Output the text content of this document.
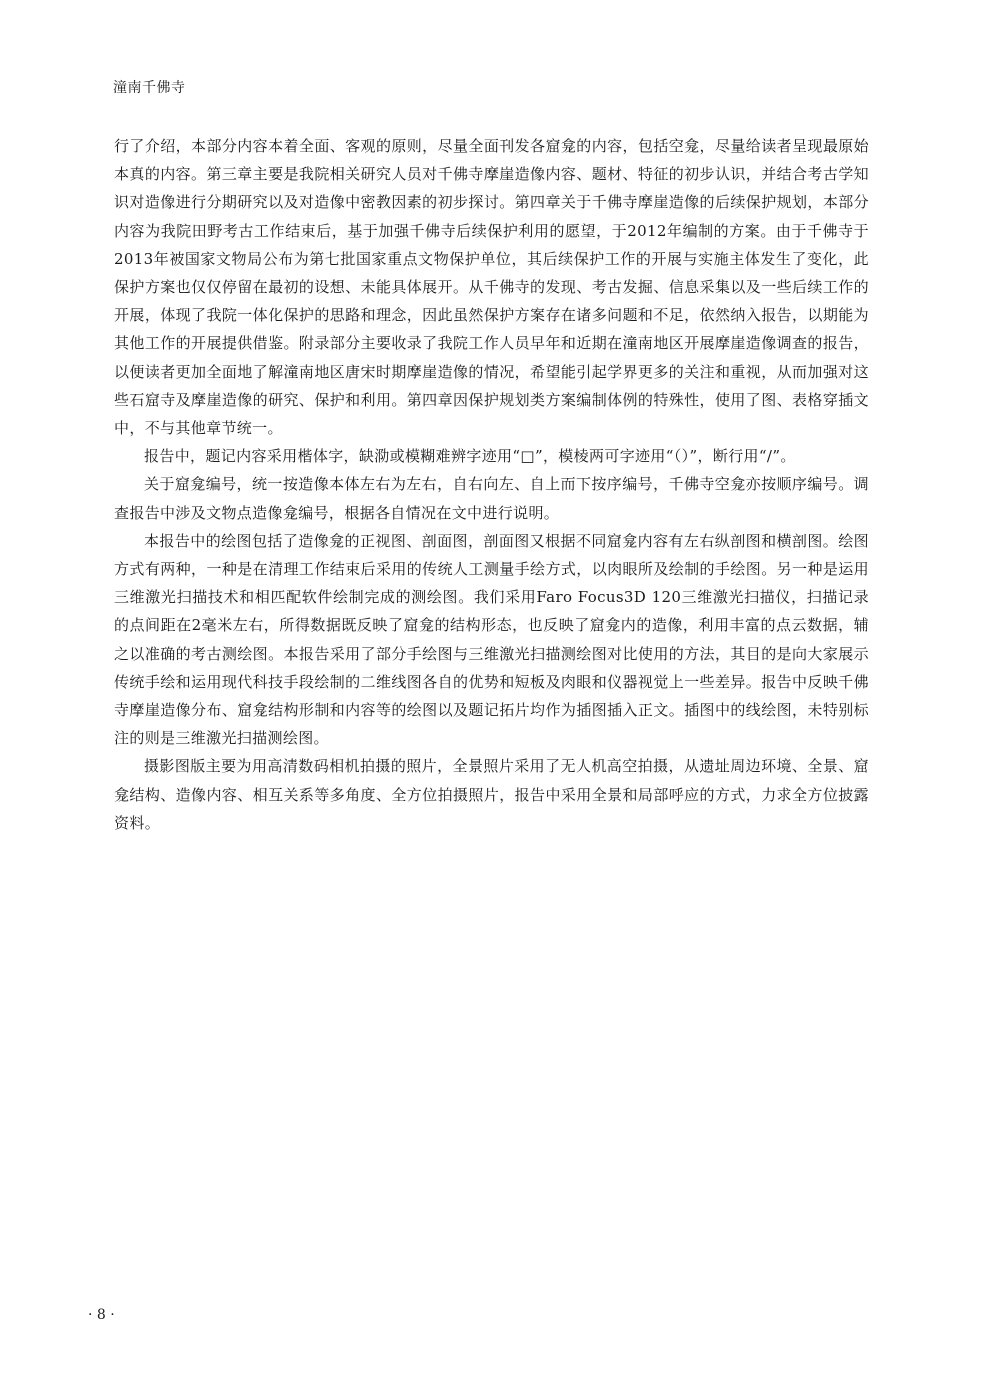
潼南千佛寺

行了介绍，本部分内容本着全面、客观的原则，尽量全面刊发各窟龛的内容，包括空龛，尽量给读者呈现最原始本真的内容。第三章主要是我院相关研究人员对千佛寺摩崖造像内容、题材、特征的初步认识，并结合考古学知识对造像进行分期研究以及对造像中密教因素的初步探讨。第四章关于千佛寺摩崖造像的后续保护规划，本部分内容为我院田野考古工作结束后，基于加强千佛寺后续保护利用的愿望，于2012年编制的方案。由于千佛寺于2013年被国家文物局公布为第七批国家重点文物保护单位，其后续保护工作的开展与实施主体发生了变化，此保护方案也仅仅停留在最初的设想、未能具体展开。从千佛寺的发现、考古发掘、信息采集以及一些后续工作的开展，体现了我院一体化保护的思路和理念，因此虽然保护方案存在诸多问题和不足，依然纳入报告，以期能为其他工作的开展提供借鉴。附录部分主要收录了我院工作人员早年和近期在潼南地区开展摩崖造像调查的报告，以便读者更加全面地了解潼南地区唐宋时期摩崖造像的情况，希望能引起学界更多的关注和重视，从而加强对这些石窟寺及摩崖造像的研究、保护和利用。第四章因保护规划类方案编制体例的特殊性，使用了图、表格穿插文中，不与其他章节统一。

报告中，题记内容采用楷体字，缺泐或模糊难辨字迹用“□”，模棱两可字迹用“（）”，断行用“/”。

关于窟龛编号，统一按造像本体左右为左右，自右向左、自上而下按序编号，千佛寺空龛亦按顺序编号。调查报告中涉及文物点造像龛编号，根据各自情况在文中进行说明。

本报告中的绘图包括了造像龛的正视图、剖面图，剖面图又根据不同窟龛内容有左右纵剖图和横剖图。绘图方式有两种，一种是在清理工作结束后采用的传统人工测量手绘方式，以肉眼所及绘制的手绘图。另一种是运用三维激光扫描技术和相匹配软件绘制完成的测绘图。我们采用Faro Focus3D 120三维激光扫描仪，扫描记录的点间距在2毫米左右，所得数据既反映了窟龛的结构形态，也反映了窟龛内的造像，利用丰富的点云数据，辅之以准确的考古测绘图。本报告采用了部分手绘图与三维激光扫描测绘图对比使用的方法，其目的是向大家展示传统手绘和运用现代科技手段绘制的二维线图各自的优势和短板及肉眼和仪器视觉上一些差异。报告中反映千佛寺摩崖造像分布、窟龛结构形制和内容等的绘图以及题记拓片均作为插图插入正文。插图中的线绘图，未特别标注的则是三维激光扫描测绘图。

摄影图版主要为用高清数码相机拍摄的照片，全景照片采用了无人机高空拍摄，从遗址周边环境、全景、窟龛结构、造像内容、相互关系等多角度、全方位拍摄照片，报告中采用全景和局部呼应的方式，力求全方位披露资料。

· 8 ·
